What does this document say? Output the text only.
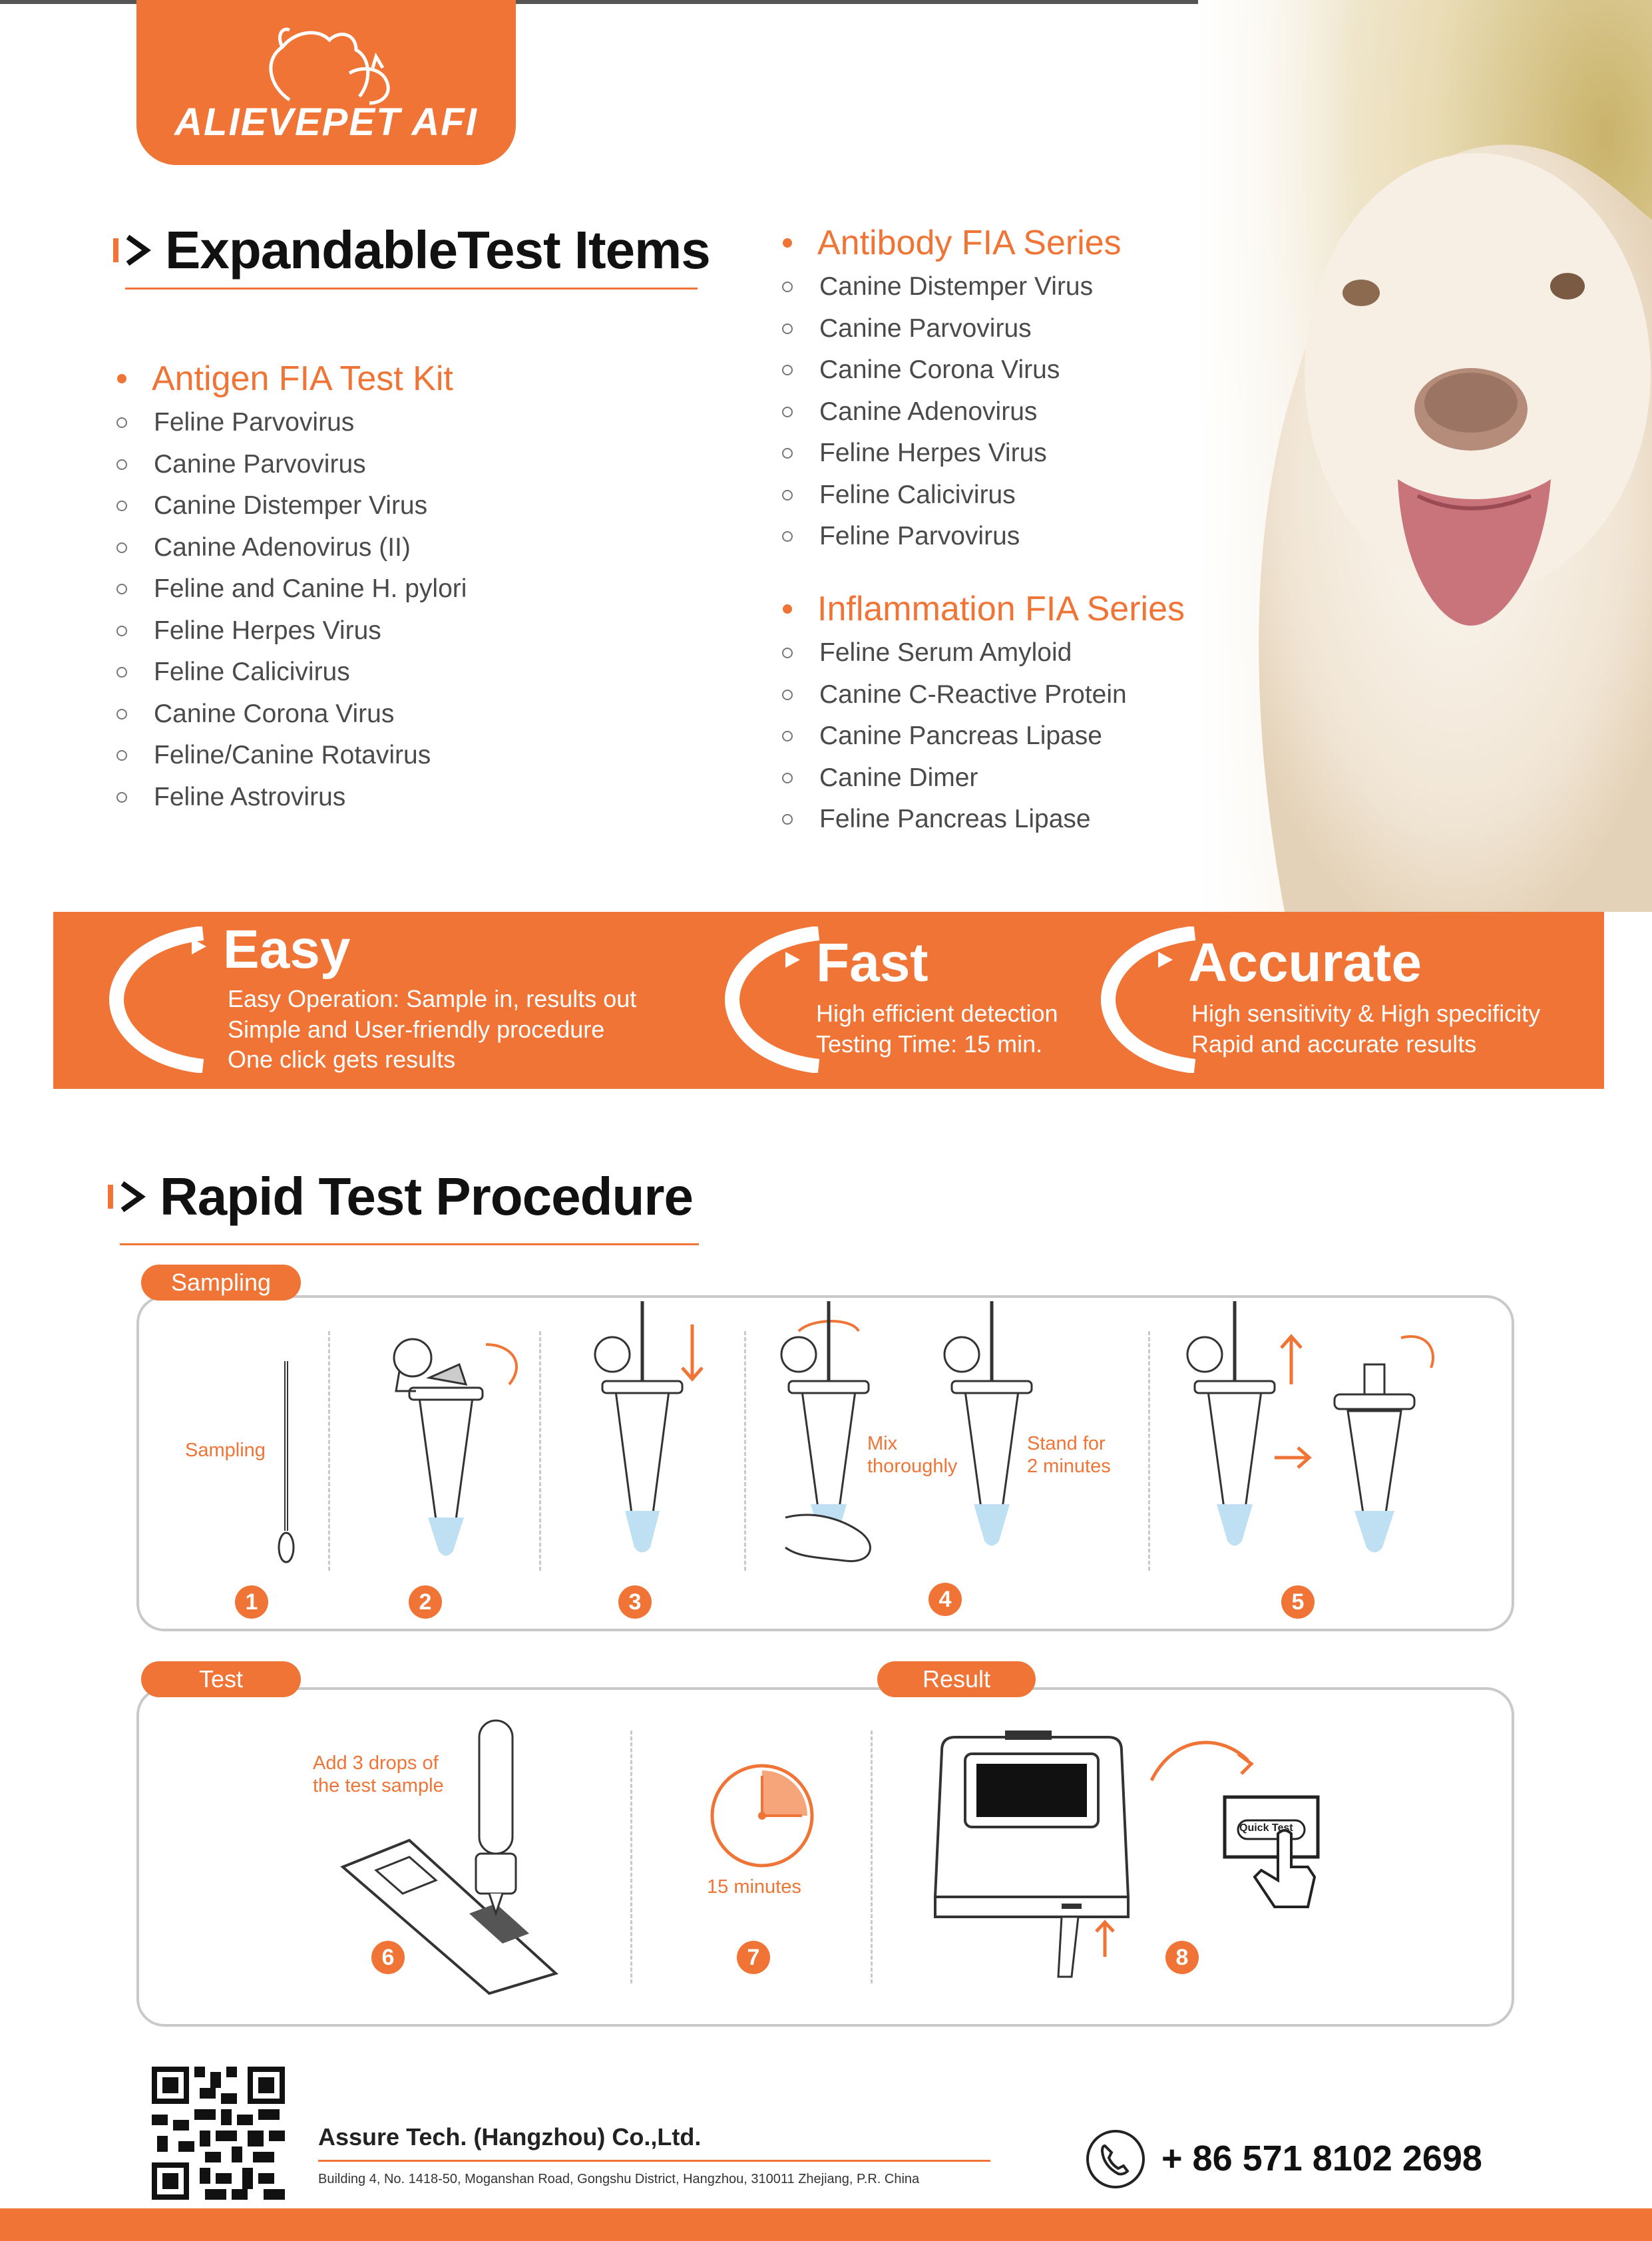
ALIEVEPET AFI
ExpandableTest Items
Antigen FIA Test Kit
Feline Parvovirus
Canine Parvovirus
Canine Distemper Virus
Canine Adenovirus (II)
Feline and Canine H. pylori
Feline Herpes Virus
Feline Calicivirus
Canine Corona Virus
Feline/Canine Rotavirus
Feline Astrovirus
Antibody FIA Series
Canine Distemper Virus
Canine Parvovirus
Canine Corona Virus
Canine Adenovirus
Feline Herpes Virus
Feline Calicivirus
Feline Parvovirus
Inflammation FIA Series
Feline Serum Amyloid
Canine C-Reactive Protein
Canine Pancreas Lipase
Canine Dimer
Feline Pancreas Lipase
Easy
Easy Operation: Sample in, results out
Simple and User-friendly procedure
One click gets results
Fast
High efficient detection
Testing Time: 15 min.
Accurate
High sensitivity & High specificity
Rapid and accurate results
Rapid Test Procedure
Sampling
Sampling
1	2	3
Mix
thoroughly
Stand for
2 minutes
4	5
Test	Result
Add 3 drops of
the test sample
6
15 minutes
7	8
Quick Test
Assure Tech. (Hangzhou) Co.,Ltd.
Building 4, No. 1418-50, Moganshan Road, Gongshu District, Hangzhou, 310011 Zhejiang, P.R. China
+ 86 571 8102 2698
